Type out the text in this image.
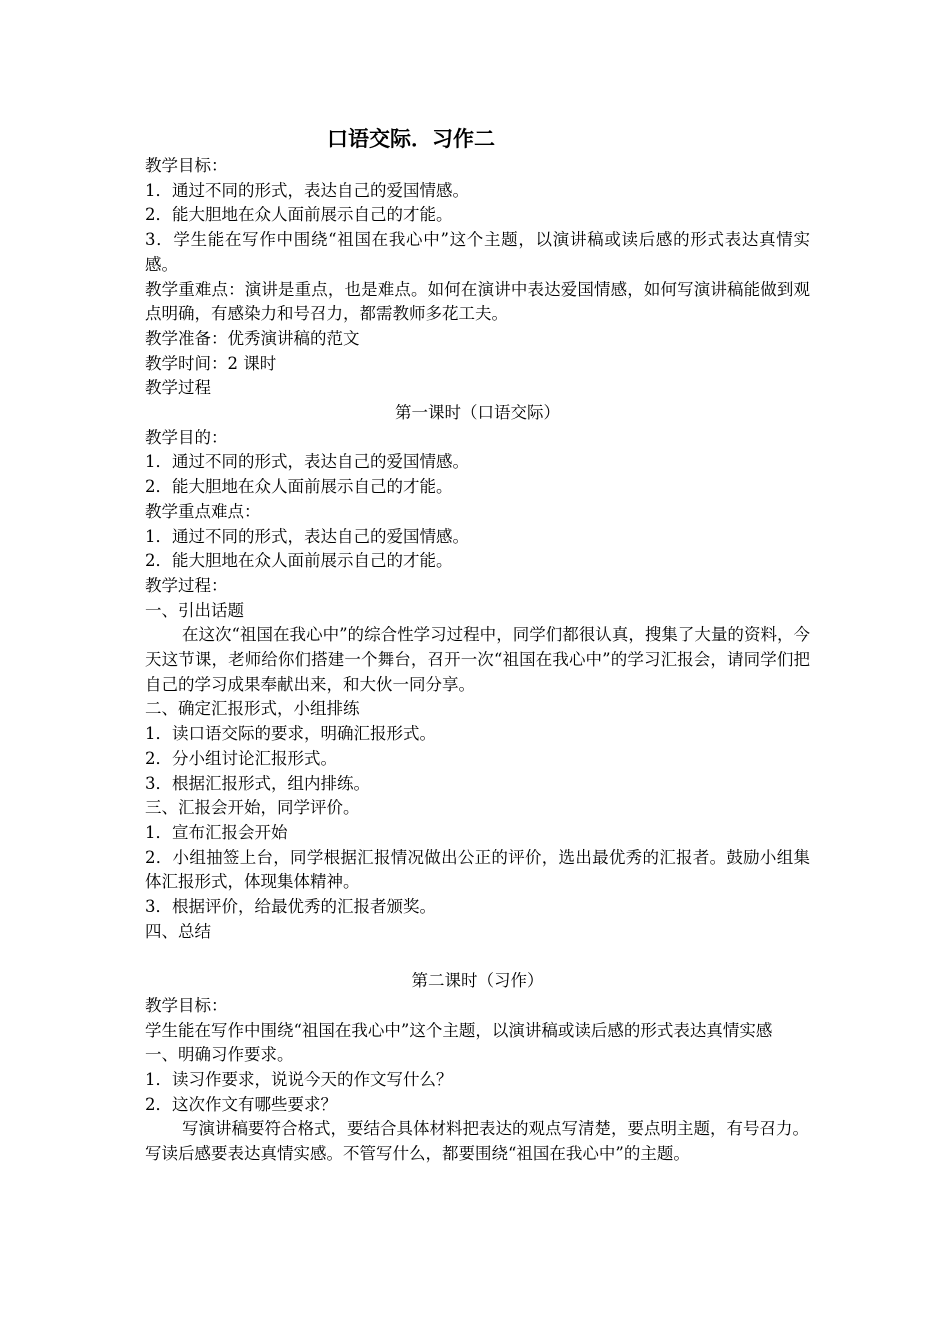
口语交际．习作二
教学目标：
1．通过不同的形式，表达自己的爱国情感。
2．能大胆地在众人面前展示自己的才能。
3．学生能在写作中围绕“祖国在我心中”这个主题，以演讲稿或读后感的形式表达真情实感。
教学重难点：演讲是重点，也是难点。如何在演讲中表达爱国情感，如何写演讲稿能做到观点明确，有感染力和号召力，都需教师多花工夫。
教学准备：优秀演讲稿的范文
教学时间：2 课时
教学过程
第一课时（口语交际）
教学目的：
1．通过不同的形式，表达自己的爱国情感。
2．能大胆地在众人面前展示自己的才能。
教学重点难点：
1．通过不同的形式，表达自己的爱国情感。
2．能大胆地在众人面前展示自己的才能。
教学过程：
一、引出话题
在这次“祖国在我心中”的综合性学习过程中，同学们都很认真，搜集了大量的资料，今天这节课，老师给你们搭建一个舞台，召开一次“祖国在我心中”的学习汇报会，请同学们把自己的学习成果奉献出来，和大伙一同分享。
二、确定汇报形式，小组排练
1．读口语交际的要求，明确汇报形式。
2．分小组讨论汇报形式。
3．根据汇报形式，组内排练。
三、汇报会开始，同学评价。
1．宣布汇报会开始
2．小组抽签上台，同学根据汇报情况做出公正的评价，选出最优秀的汇报者。鼓励小组集体汇报形式，体现集体精神。
3．根据评价，给最优秀的汇报者颁奖。
四、总结
第二课时（习作）
教学目标：
学生能在写作中围绕“祖国在我心中”这个主题，以演讲稿或读后感的形式表达真情实感
一、明确习作要求。
1．读习作要求，说说今天的作文写什么？
2．这次作文有哪些要求？
写演讲稿要符合格式，要结合具体材料把表达的观点写清楚，要点明主题，有号召力。
写读后感要表达真情实感。不管写什么，都要围绕“祖国在我心中”的主题。
